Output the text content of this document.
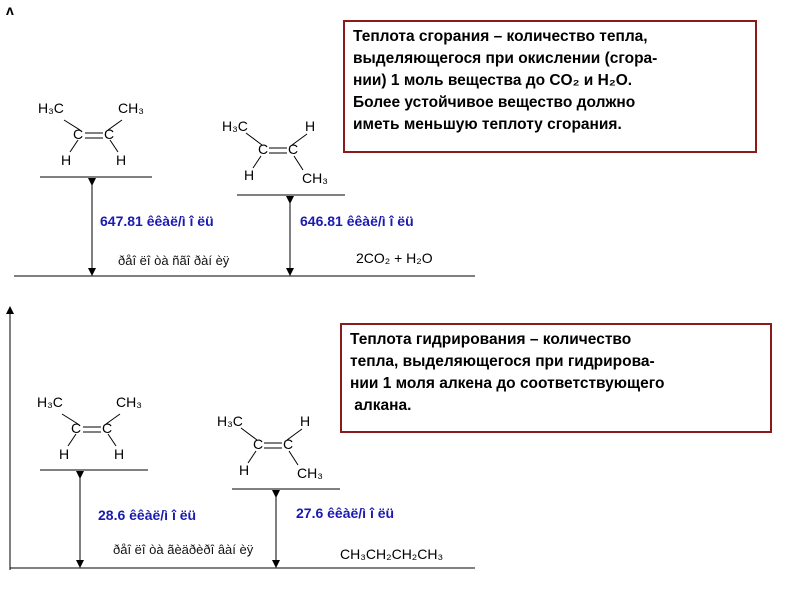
ᴧ
H₃C	CH₃
C C
H	H
H₃C	H
C C
H	CH₃
Теплота сгорания – количество тепла,
выделяющегося при окислении (сгора-
нии) 1 моль вещества до CO₂ и H₂O.
Более устойчивое вещество должно
иметь меньшую теплоту сгорания.
647.81 êêàë/ì î ëü	646.81 êêàë/ì î ëü
ðåî ëî òà ñãî ðàí èÿ	2CO₂ + H₂O
H₃C	CH₃
C C
H	H
H₃C	H
C C
H	CH₃
Теплота гидрирования – количество
тепла, выделяющегося при гидрирова-
нии 1 моля алкена до соответствующего
алкана.
28.6 êêàë/ì î ëü	27.6 êêàë/ì î ëü
ðåî ëî òà ãèäðèðî âàí èÿ	CH₃CH₂CH₂CH₃
